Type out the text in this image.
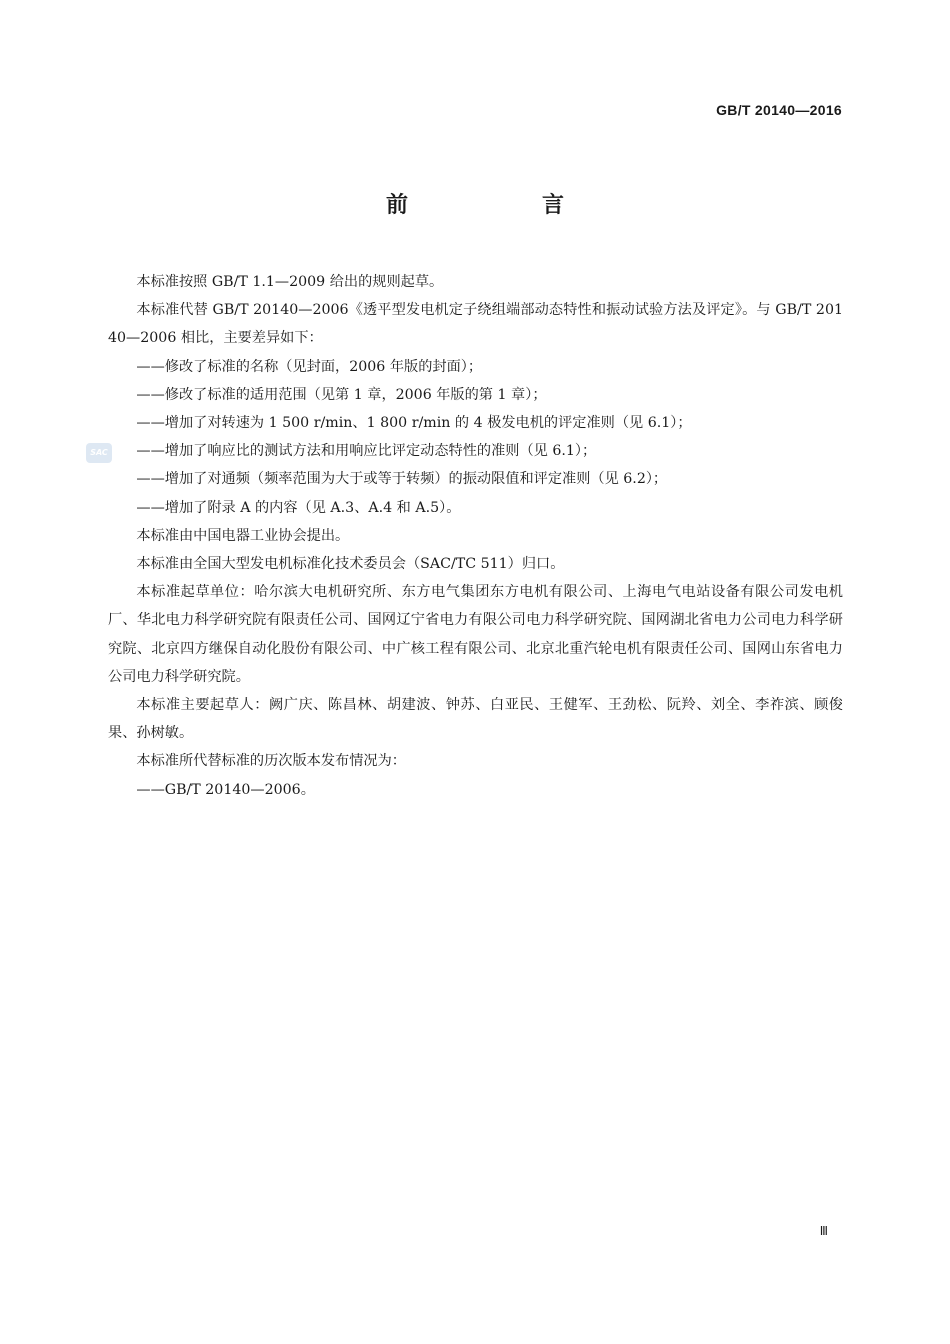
GB/T 20140—2016
前　言
SAC

本标准按照 GB/T 1.1—2009 给出的规则起草。

本标准代替 GB/T 20140—2006《透平型发电机定子绕组端部动态特性和振动试验方法及评定》。与 GB/T 20140—2006 相比，主要差异如下：

——修改了标准的名称（见封面，2006 年版的封面）；

——修改了标准的适用范围（见第 1 章，2006 年版的第 1 章）；

——增加了对转速为 1 500 r/min、1 800 r/min 的 4 极发电机的评定准则（见 6.1）；

——增加了响应比的测试方法和用响应比评定动态特性的准则（见 6.1）；

——增加了对通频（频率范围为大于或等于转频）的振动限值和评定准则（见 6.2）；

——增加了附录 A 的内容（见 A.3、A.4 和 A.5）。

本标准由中国电器工业协会提出。

本标准由全国大型发电机标准化技术委员会（SAC/TC 511）归口。

本标准起草单位：哈尔滨大电机研究所、东方电气集团东方电机有限公司、上海电气电站设备有限公司发电机厂、华北电力科学研究院有限责任公司、国网辽宁省电力有限公司电力科学研究院、国网湖北省电力公司电力科学研究院、北京四方继保自动化股份有限公司、中广核工程有限公司、北京北重汽轮电机有限责任公司、国网山东省电力公司电力科学研究院。

本标准主要起草人：阙广庆、陈昌林、胡建波、钟苏、白亚民、王健军、王劲松、阮羚、刘全、李祚滨、顾俊果、孙树敏。

本标准所代替标准的历次版本发布情况为：

——GB/T 20140—2006。

Ⅲ
